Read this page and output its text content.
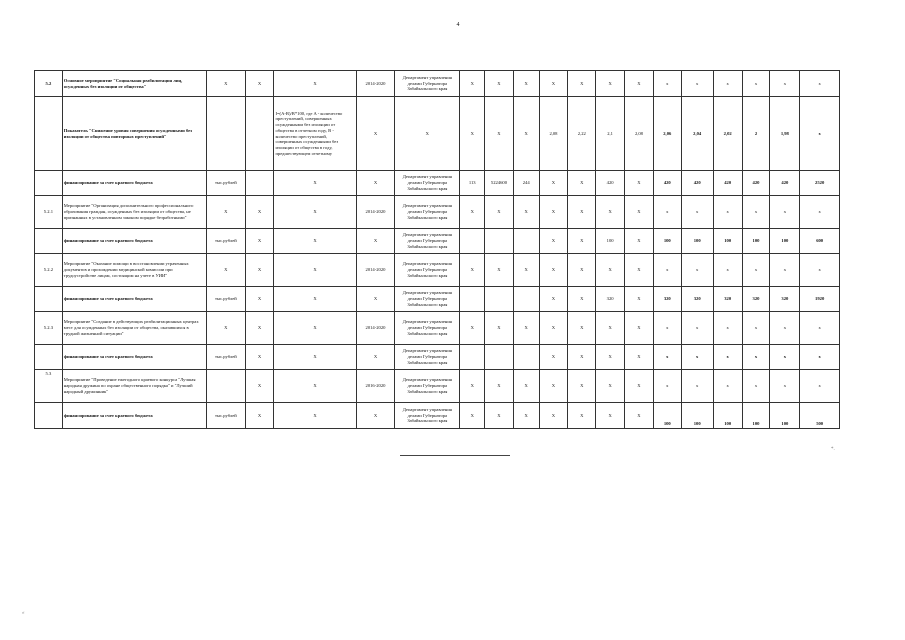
4
5.2	Основное мероприятие "Социальная реабилитация лиц, осужденных без изоляции от общества"	X	X	X	2014-2020	Департамент управления делами Губернатора Забайкальского края	X	X	X	X	X	X	X	x	x	x	x	x	x
	Показатель "Снижение уровня совершения осужденными без изоляции от общества повторных преступлений"			I=(A-B)/B*100, где A - количество преступлений, совершенных осужденными без изоляции от общества в отчетном году, B - количество преступлений, совершенных осужденными без изоляции от общества в году, предшествующем отчетному	X	X	X	X	X	2,08	2,22	2,1	2,08	2,06	2,04	2,02	2	1,98	x
	финансирование за счет краевого бюджета	тыс.рублей		X	X	Департамент управления делами Губернатора Забайкальского края	113	5224600	244	X	X	420	X	420	420	420	420	420	2520
5.2.1	Мероприятие "Организация дополнительного профессионального образования граждан, осужденных без изоляции от общества, не признанных в установленном законом порядке безработными"	X	X	X	2014-2020	Департамент управления делами Губернатора Забайкальского края	X	X	X	X	X	X	X	x	x	x	x	x	x
	финансирование за счет краевого бюджета	тыс.рублей	X	X	X	Департамент управления делами Губернатора Забайкальского края				X	X	100	X	100	100	100	100	100	600
5.2.2	Мероприятие "Оказание помощи в восстановлении утраченных документов и прохождении медицинской комиссии при трудоустройстве лицам, состоящим на учете в УИИ"	X	X	X	2014-2020	Департамент управления делами Губернатора Забайкальского края	X	X	X	X	X	X	X	x	x	x	x	x	x
	финансирование за счет краевого бюджета	тыс.рублей	X	X	X	Департамент управления делами Губернатора Забайкальского края				X	X	320	X	320	320	320	320	320	1920
5.2.3	Мероприятие "Создание в действующих реабилитационных центрах мест для осужденных без изоляции от общества, оказавшихся в трудной жизненной ситуации"	X	X	X	2014-2020	Департамент управления делами Губернатора Забайкальского края	X	X	X	X	X	X	X	x	x	x	x	x	x
	финансирование за счет краевого бюджета	тыс.рублей	X	X	X	Департамент управления делами Губернатора Забайкальского края				X	X	X	X	x	x	x	x	x	x
5.3	Мероприятие "Проведение ежегодного краевого конкурса "Лучшая народная дружина по охране общественного порядка" и "Лучший народный дружинник"		X	X	2016-2020	Департамент управления делами Губернатора Забайкальского края	X	X	X	X	X	X	X	x	x	x	x	x	x
	финансирование за счет краевого бюджета	тыс.рублей	X	X	X	Департамент управления делами Губернатора Забайкальского края	X	X	X	X	X	X	X	100	100	100	100	100	500
*.
ᵃᶠ
